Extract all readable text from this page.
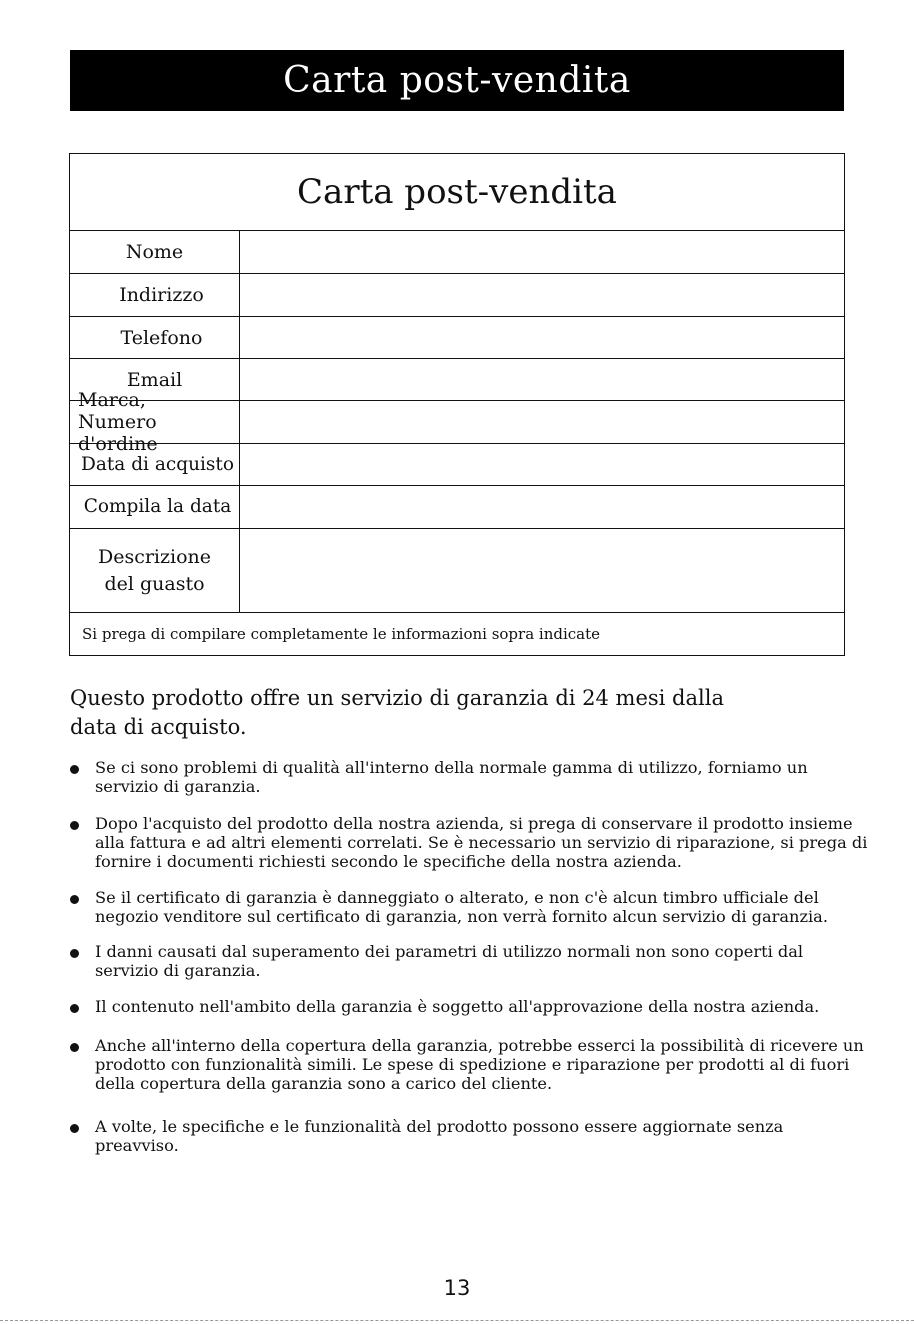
Carta post-vendita
Carta post-vendita
Nome
Indirizzo
Telefono
Email
Marca, Numero d'ordine
Data di acquisto
Compila la data
Descrizione del guasto
Si prega di compilare completamente le informazioni sopra indicate
Questo prodotto offre un servizio di garanzia di 24 mesi dalla data di acquisto.
Se ci sono problemi di qualità all'interno della normale gamma di utilizzo, forniamo un servizio di garanzia.
Dopo l'acquisto del prodotto della nostra azienda, si prega di conservare il prodotto insieme alla fattura e ad altri elementi correlati. Se è necessario un servizio di riparazione, si prega di fornire i documenti richiesti secondo le specifiche della nostra azienda.
Se il certificato di garanzia è danneggiato o alterato, e non c'è alcun timbro ufficiale del negozio venditore sul certificato di garanzia, non verrà fornito alcun servizio di garanzia.
I danni causati dal superamento dei parametri di utilizzo normali non sono coperti dal servizio di garanzia.
Il contenuto nell'ambito della garanzia è soggetto all'approvazione della nostra azienda.
Anche all'interno della copertura della garanzia, potrebbe esserci la possibilità di ricevere un prodotto con funzionalità simili. Le spese di spedizione e riparazione per prodotti al di fuori della copertura della garanzia sono a carico del cliente.
A volte, le specifiche e le funzionalità del prodotto possono essere aggiornate senza preavviso.
13
